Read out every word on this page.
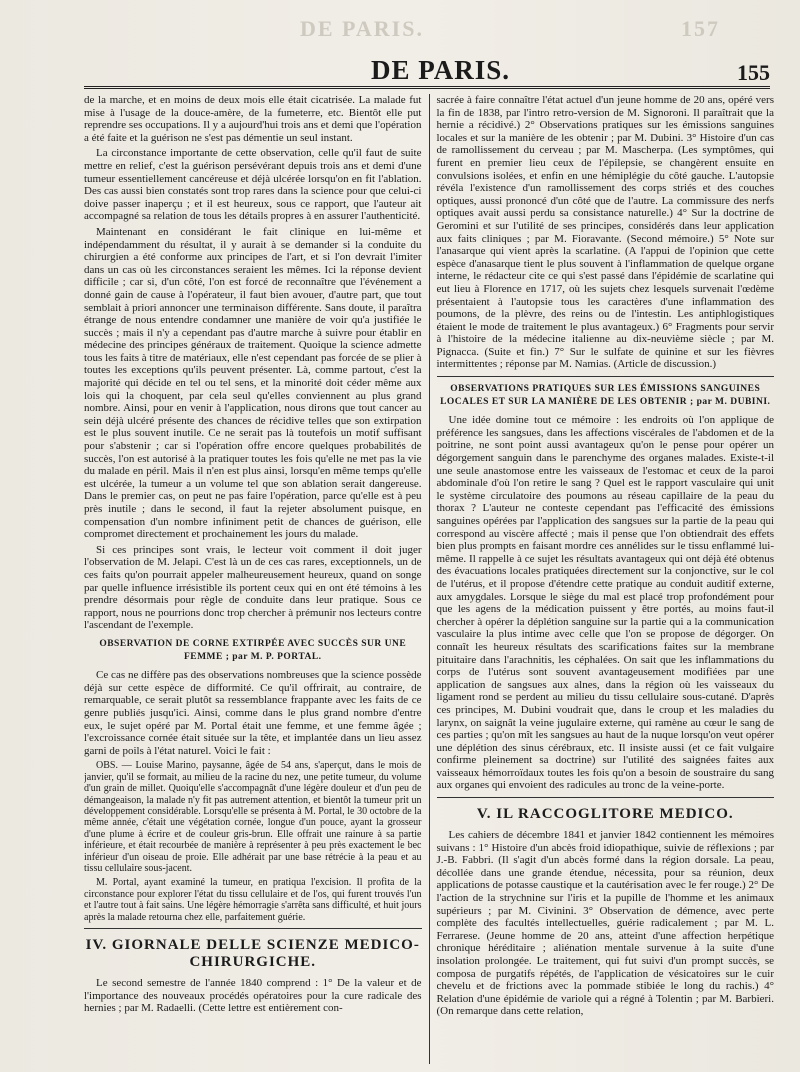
DE PARIS.	157
DE PARIS.	155

de la marche, et en moins de deux mois elle était cicatrisée. La malade fut mise à l'usage de la douce-amère, de la fumeterre, etc. Bientôt elle put reprendre ses occupations. Il y a aujourd'hui trois ans et demi que l'opération a été faite et la guérison ne s'est pas démentie un seul instant.

La circonstance importante de cette observation, celle qu'il faut de suite mettre en relief, c'est la guérison persévérant depuis trois ans et demi d'une tumeur essentiellement cancéreuse et déjà ulcérée lorsqu'on en fit l'ablation. Des cas aussi bien constatés sont trop rares dans la science pour que celui-ci doive passer inaperçu ; et il est heureux, sous ce rapport, que l'auteur ait accompagné sa relation de tous les détails propres à en assurer l'authenticité.

Maintenant en considérant le fait clinique en lui-même et indépendamment du résultat, il y aurait à se demander si la conduite du chirurgien a été conforme aux principes de l'art, et si l'on devrait l'imiter dans un cas où les circonstances seraient les mêmes. Ici la réponse devient difficile ; car si, d'un côté, l'on est forcé de reconnaître que l'événement a donné gain de cause à l'opérateur, il faut bien avouer, d'autre part, que tout semblait à priori annoncer une terminaison différente. Sans doute, il paraîtra étrange de nous entendre condamner une manière de voir qu'a justifiée le succès ; mais il n'y a cependant pas d'autre marche à suivre pour établir en médecine des principes généraux de traitement. Quoique la science admette tous les faits à titre de matériaux, elle n'est cependant pas forcée de se plier à toutes les exceptions qu'ils peuvent présenter. Là, comme partout, c'est la majorité qui décide en tel ou tel sens, et la minorité doit céder même aux lois qui la choquent, par cela seul qu'elles conviennent au plus grand nombre. Ainsi, pour en venir à l'application, nous dirons que tout cancer au sein déjà ulcéré présente des chances de récidive telles que son extirpation est le plus souvent inutile. Ce ne serait pas là toutefois un motif suffisant pour s'abstenir ; car si l'opération offre encore quelques probabilités de succès, l'on est autorisé à la pratiquer toutes les fois qu'elle ne met pas la vie du malade en péril. Mais il n'en est plus ainsi, lorsqu'en même temps qu'elle est ulcérée, la tumeur a un volume tel que son ablation serait dangereuse. Dans le premier cas, on peut ne pas faire l'opération, parce qu'elle est à peu près inutile ; dans le second, il faut la rejeter absolument puisque, en compensation d'un nombre infiniment petit de chances de guérison, elle compromet directement et prochainement les jours du malade.

Si ces principes sont vrais, le lecteur voit comment il doit juger l'observation de M. Jelapi. C'est là un de ces cas rares, exceptionnels, un de ces faits qu'on pourrait appeler malheureusement heureux, quand on songe par quelle influence irrésistible ils portent ceux qui en ont été témoins à les prendre désormais pour règle de conduite dans leur pratique. Sous ce rapport, nous ne pourrions donc trop chercher à prémunir nos lecteurs contre l'ascendant de l'exemple.

OBSERVATION DE CORNE EXTIRPÉE AVEC SUCCÈS SUR UNE FEMME ; par M. P. PORTAL.

Ce cas ne diffère pas des observations nombreuses que la science possède déjà sur cette espèce de difformité. Ce qu'il offrirait, au contraire, de remarquable, ce serait plutôt sa ressemblance frappante avec les faits de ce genre publiés jusqu'ici. Ainsi, comme dans le plus grand nombre d'entre eux, le sujet opéré par M. Portal était une femme, et une femme âgée ; l'excroissance cornée était située sur la tête, et implantée dans un lieu assez garni de poils à l'état naturel. Voici le fait :

OBS. — Louise Marino, paysanne, âgée de 54 ans, s'aperçut, dans le mois de janvier, qu'il se formait, au milieu de la racine du nez, une petite tumeur, du volume d'un grain de millet. Quoiqu'elle s'accompagnât d'une légère douleur et d'un peu de démangeaison, la malade n'y fit pas autrement attention, et bientôt la tumeur prit un développement considérable. Lorsqu'elle se présenta à M. Portal, le 30 octobre de la même année, c'était une végétation cornée, longue d'un pouce, ayant la grosseur d'une plume à écrire et de couleur gris-brun. Elle offrait une rainure à sa partie inférieure, et était recourbée de manière à représenter à peu près exactement le bec inférieur d'un oiseau de proie. Elle adhérait par une base rétrécie à la peau et au tissu cellulaire sous-jacent.

M. Portal, ayant examiné la tumeur, en pratiqua l'excision. Il profita de la circonstance pour explorer l'état du tissu cellulaire et de l'os, qui furent trouvés l'un et l'autre tout à fait sains. Une légère hémorragie s'arrêta sans difficulté, et huit jours après la malade retourna chez elle, parfaitement guérie.

IV. GIORNALE DELLE SCIENZE MEDICO-CHIRURGICHE.

Le second semestre de l'année 1840 comprend : 1° De la valeur et de l'importance des nouveaux procédés opératoires pour la cure radicale des hernies ; par M. Radaelli. (Cette lettre est entièrement con-

sacrée à faire connaître l'état actuel d'un jeune homme de 20 ans, opéré vers la fin de 1838, par l'intro retro-version de M. Signoroni. Il paraîtrait que la hernie a récidivé.) 2° Observations pratiques sur les émissions sanguines locales et sur la manière de les obtenir ; par M. Dubini. 3° Histoire d'un cas de ramollissement du cerveau ; par M. Mascherpa. (Les symptômes, qui furent en premier lieu ceux de l'épilepsie, se changèrent ensuite en convulsions isolées, et enfin en une hémiplégie du côté gauche. L'autopsie révéla l'existence d'un ramollissement des corps striés et des couches optiques, aussi prononcé d'un côté que de l'autre. La commissure des nerfs optiques avait aussi perdu sa consistance naturelle.) 4° Sur la doctrine de Geromini et sur l'utilité de ses principes, considérés dans leur application aux faits cliniques ; par M. Fioravante. (Second mémoire.) 5° Note sur l'anasarque qui vient après la scarlatine. (A l'appui de l'opinion que cette espèce d'anasarque tient le plus souvent à l'inflammation de quelque organe interne, le rédacteur cite ce qui s'est passé dans l'épidémie de scarlatine qui eut lieu à Florence en 1717, où les sujets chez lesquels survenait l'œdème présentaient à l'autopsie tous les caractères d'une inflammation des poumons, de la plèvre, des reins ou de l'intestin. Les antiphlogistiques étaient le mode de traitement le plus avantageux.) 6° Fragments pour servir à l'histoire de la médecine italienne au dix-neuvième siècle ; par M. Pignacca. (Suite et fin.) 7° Sur le sulfate de quinine et sur les fièvres intermittentes ; réponse par M. Namias. (Article de discussion.)

OBSERVATIONS PRATIQUES SUR LES ÉMISSIONS SANGUINES LOCALES ET SUR LA MANIÈRE DE LES OBTENIR ; par M. DUBINI.

Une idée domine tout ce mémoire : les endroits où l'on applique de préférence les sangsues, dans les affections viscérales de l'abdomen et de la poitrine, ne sont point aussi avantageux qu'on le pense pour opérer un dégorgement sanguin dans le parenchyme des organes malades. Existe-t-il une seule anastomose entre les vaisseaux de l'estomac et ceux de la paroi abdominale d'où l'on retire le sang ? Quel est le rapport vasculaire qui unit le système circulatoire des poumons au réseau capillaire de la peau du thorax ? L'auteur ne conteste cependant pas l'efficacité des émissions sanguines opérées par l'application des sangsues sur la partie de la peau qui correspond au viscère affecté ; mais il pense que l'on obtiendrait des effets bien plus prompts en faisant mordre ces annélides sur le tissu enflammé lui-même. Il rappelle à ce sujet les résultats avantageux qui ont déjà été obtenus des évacuations locales pratiquées directement sur la conjonctive, sur le col de l'utérus, et il propose d'étendre cette pratique au conduit auditif externe, aux amygdales. Lorsque le siège du mal est placé trop profondément pour que les agens de la médication puissent y être portés, au moins faut-il chercher à opérer la déplétion sanguine sur la partie qui a la communication vasculaire la plus intime avec celle que l'on se propose de dégorger. On connaît les heureux résultats des scarifications faites sur la membrane pituitaire dans l'arachnitis, les céphalées. On sait que les inflammations du corps de l'utérus sont souvent avantageusement modifiées par une application de sangsues aux alnes, dans la région où les vaisseaux du ligament rond se perdent au milieu du tissu cellulaire sous-cutané. D'après ces principes, M. Dubini voudrait que, dans le croup et les maladies du larynx, on saignât la veine jugulaire externe, qui ramène au cœur le sang de ces parties ; qu'on mît les sangsues au haut de la nuque lorsqu'on veut opérer une déplétion des sinus cérébraux, etc. Il insiste aussi (et ce fait vulgaire confirme pleinement sa doctrine) sur l'utilité des saignées faites aux vaisseaux hémorroïdaux toutes les fois qu'on a besoin de soustraire du sang aux organes qui envoient des radicules au tronc de la veine-porte.

V. IL RACCOGLITORE MEDICO.

Les cahiers de décembre 1841 et janvier 1842 contiennent les mémoires suivans : 1° Histoire d'un abcès froid idiopathique, suivie de réflexions ; par J.-B. Fabbri. (Il s'agit d'un abcès formé dans la région dorsale. La peau, décollée dans une grande étendue, nécessita, pour sa réunion, deux applications de potasse caustique et la cautérisation avec le fer rouge.) 2° De l'action de la strychnine sur l'iris et la pupille de l'homme et les animaux supérieurs ; par M. Civinini. 3° Observation de démence, avec perte complète des facultés intellectuelles, guérie radicalement ; par M. L. Ferrarese. (Jeune homme de 20 ans, atteint d'une affection herpétique chronique héréditaire ; aliénation mentale survenue à la suite d'une insolation prolongée. Le traitement, qui fut suivi d'un prompt succès, se composa de purgatifs répétés, de l'application de vésicatoires sur le cuir chevelu et de frictions avec la pommade stibiée le long du rachis.) 4° Relation d'une épidémie de variole qui a régné à Tolentin ; par M. Barbieri. (On remarque dans cette relation,
